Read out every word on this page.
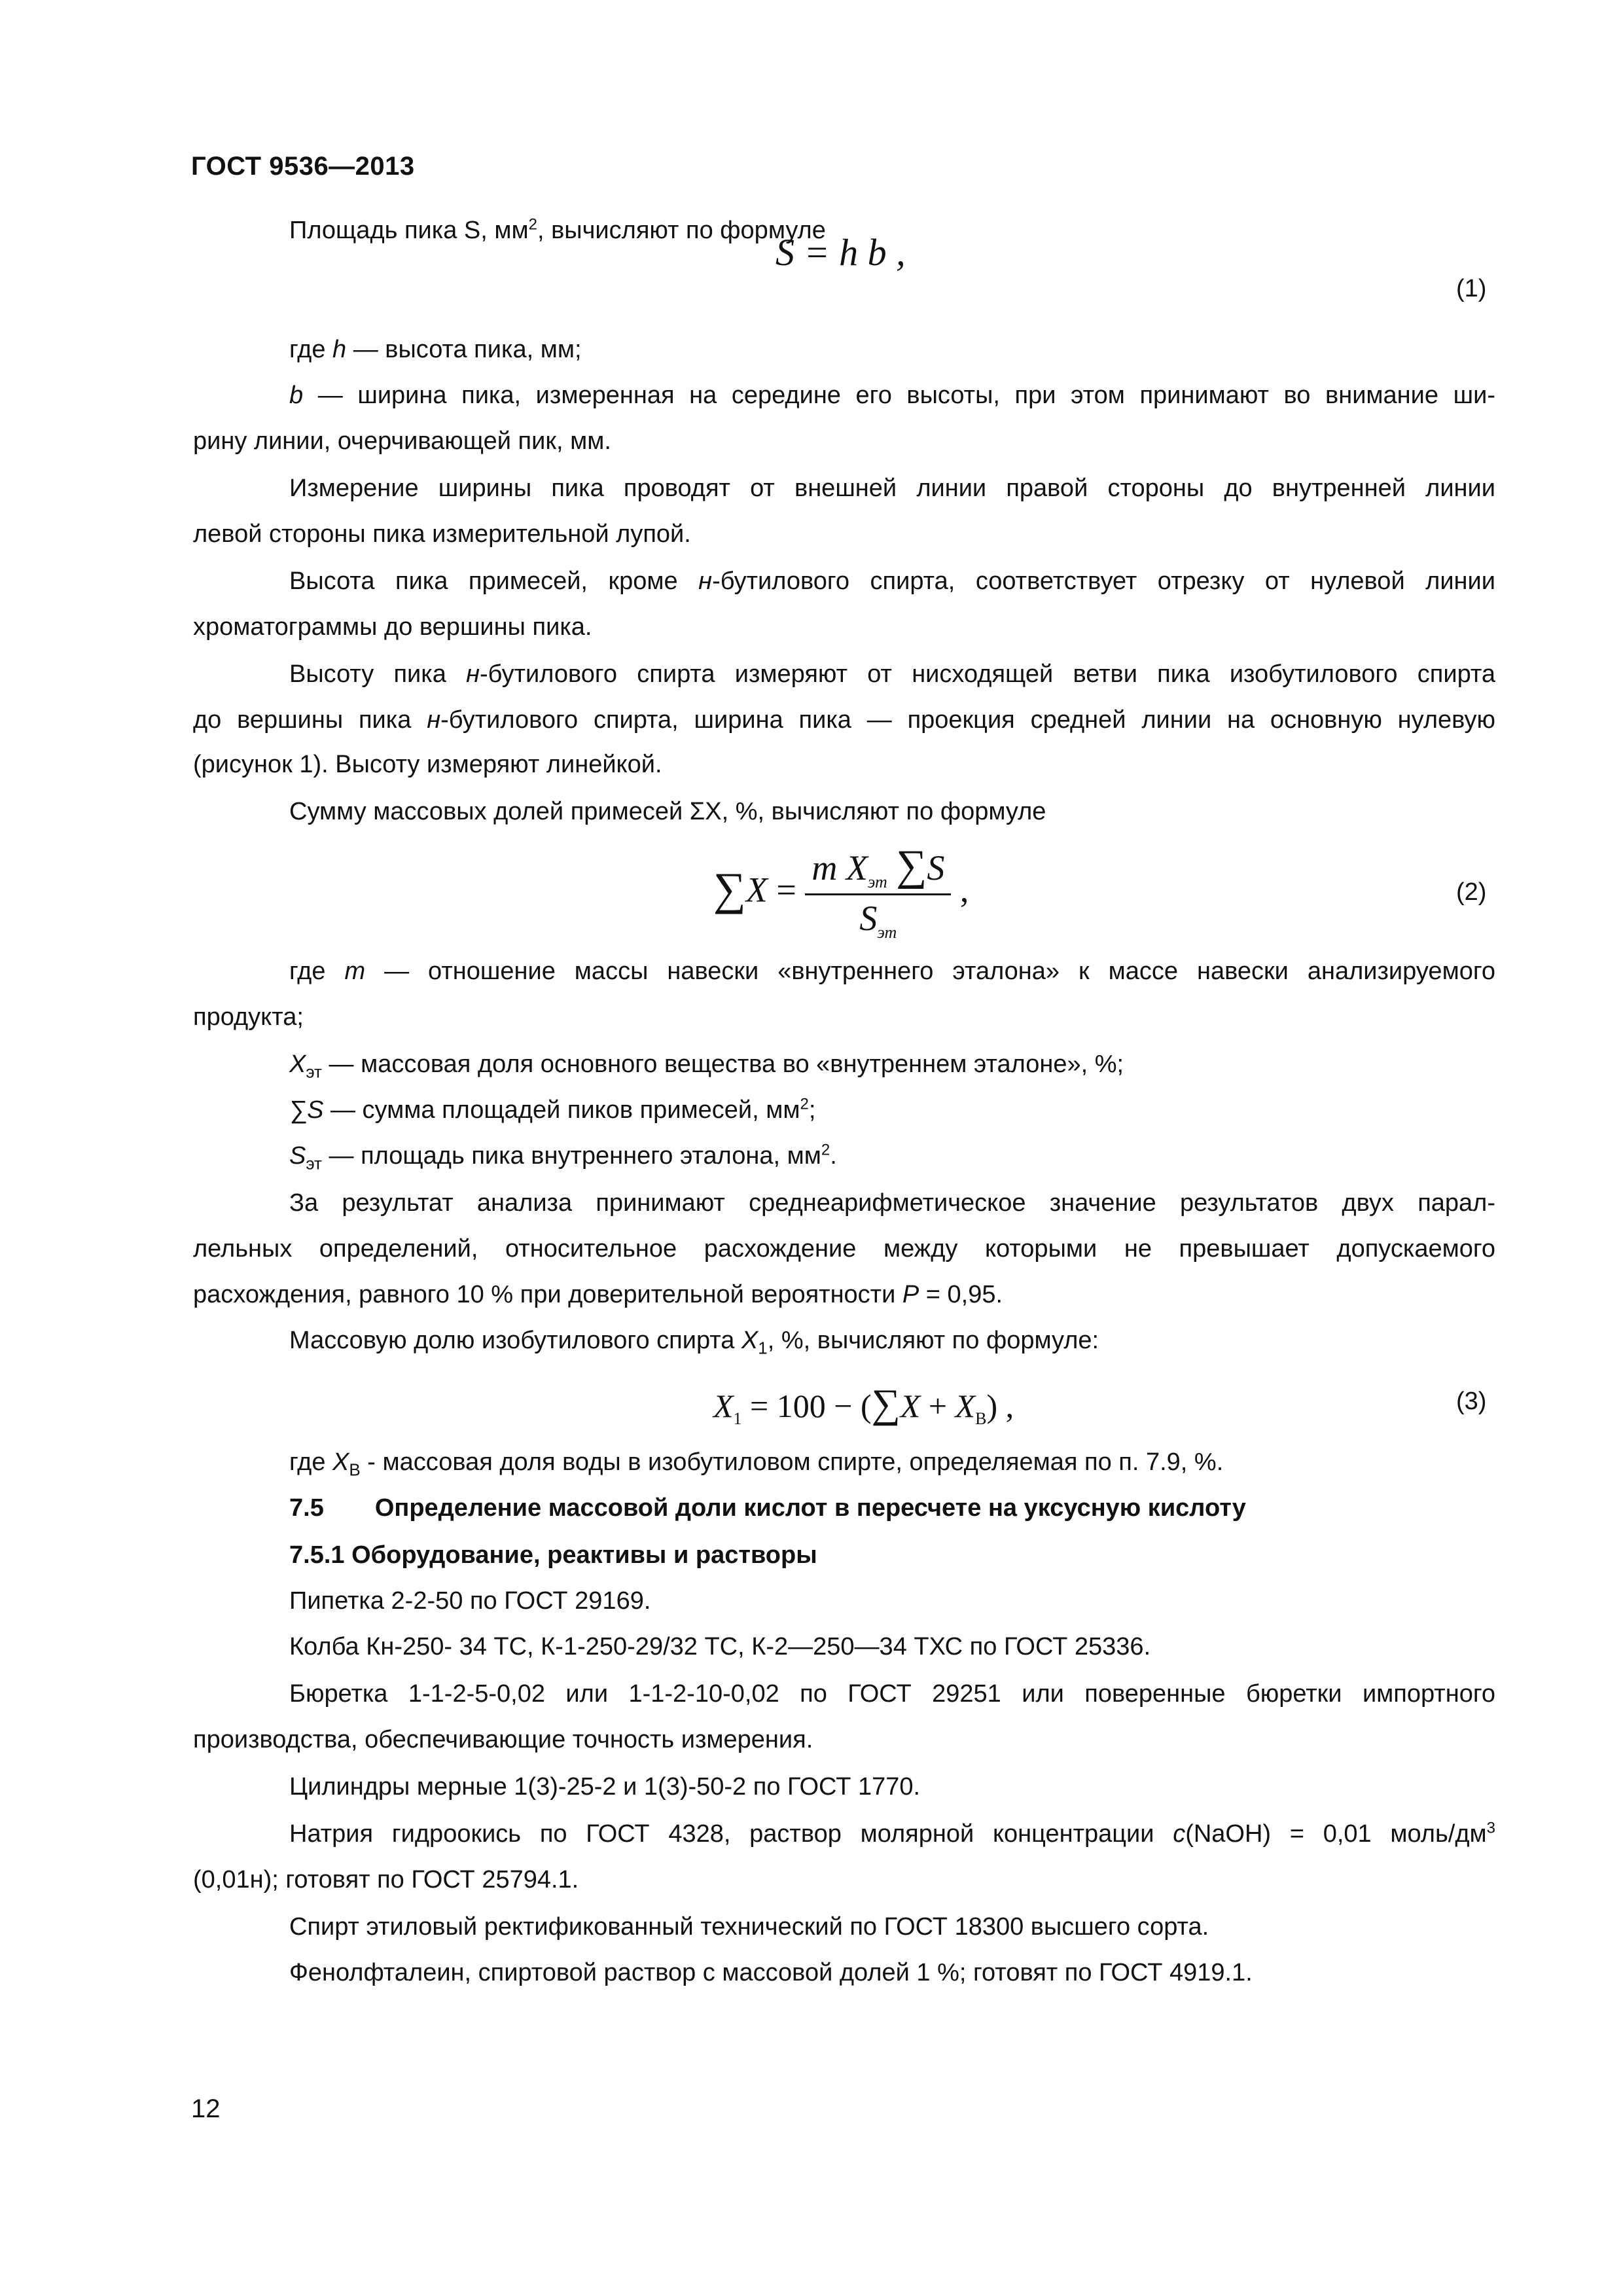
ГОСТ 9536—2013
Площадь пика S, $мм^2$, вычисляют по формуле
S = h b ,
(1)
где h — высота пика, мм;
b — ширина пика, измеренная на середине его высоты, при этом принимают во внимание ши-
рину линии, очерчивающей пик, мм.
Измерение ширины пика проводят от внешней линии правой стороны до внутренней линии
левой стороны пика измерительной лупой.
Высота пика примесей, кроме н-бутилового спирта, соответствует отрезку от нулевой линии
хроматограммы до вершины пика.
Высоту пика н-бутилового спирта измеряют от нисходящей ветви пика изобутилового спирта
до вершины пика н-бутилового спирта, ширина пика — проекция средней линии на основную нулевую
(рисунок 1). Высоту измеряют линейкой.
Сумму массовых долей примесей ΣX, %, вычисляют по формуле
$\sum X = \frac{m X_{эт} \sum S}{S_{эт}}$ ,	(2)
где m — отношение массы навески «внутреннего эталона» к массе навески анализируемого
продукта;
$X_{эт}$ — массовая доля основного вещества во «внутреннем эталоне», %;
∑S — сумма площадей пиков примесей, $мм^2$;
$S_{эт}$ — площадь пика внутреннего эталона, $мм^2$.
За результат анализа принимают среднеарифметическое значение результатов двух парал-
лельных определений, относительное расхождение между которыми не превышает допускаемого
расхождения, равного 10 % при доверительной вероятности P = 0,95.
Массовую долю изобутилового спирта $X_1$, %, вычисляют по формуле:
$X_1 = 100 - (\sum X + X_В)$ ,	(3)
где $X_В$ - массовая доля воды в изобутиловом спирте, определяемая по п. 7.9, %.
7.5 Определение массовой доли кислот в пересчете на уксусную кислоту
7.5.1 Оборудование, реактивы и растворы
Пипетка 2-2-50 по ГОСТ 29169.
Колба Кн-250- 34 ТС, К-1-250-29/32 ТС, К-2—250—34 ТХС по ГОСТ 25336.
Бюретка 1-1-2-5-0,02 или 1-1-2-10-0,02 по ГОСТ 29251 или поверенные бюретки импортного
производства, обеспечивающие точность измерения.
Цилиндры мерные 1(3)-25-2 и 1(3)-50-2 по ГОСТ 1770.
Натрия гидроокись по ГОСТ 4328, раствор молярной концентрации c(NaOH) = 0,01 моль/$дм^3$
(0,01н); готовят по ГОСТ 25794.1.
Спирт этиловый ректификованный технический по ГОСТ 18300 высшего сорта.
Фенолфталеин, спиртовой раствор с массовой долей 1 %; готовят по ГОСТ 4919.1.
12
